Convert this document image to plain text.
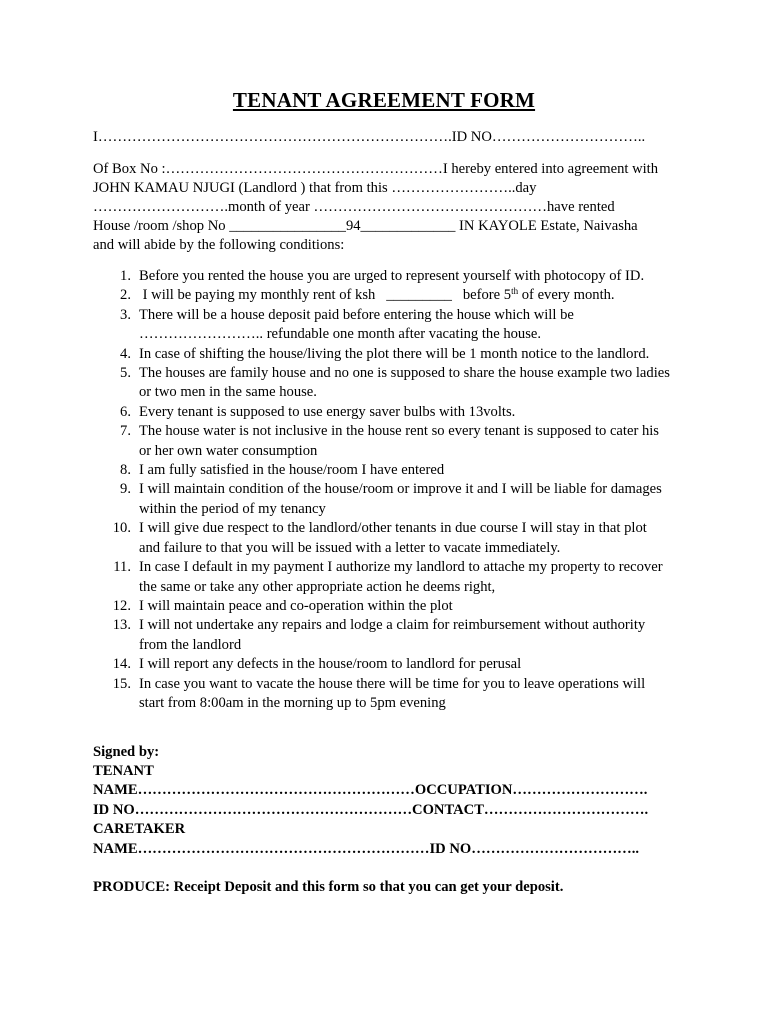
TENANT AGREEMENT FORM

I……………………………………………………………….ID NO…………………………..

Of Box No :…………………………………………………I hereby entered into agreement with

JOHN KAMAU NJUGI (Landlord ) that from this ……………………..day

……………………….month of year …………………………………………have rented

House /room /shop No ________________94_____________ IN KAYOLE Estate, Naivasha

and will abide by the following conditions:

1. Before you rented the house you are urged to represent yourself with photocopy of ID.
2. I will be paying my monthly rent of ksh   _________   before 5th of every month.
3. There will be a house deposit paid before entering the house which will be
…………………….. refundable one month after vacating the house.
4. In case of shifting the house/living the plot there will be 1 month notice to the landlord.
5. The houses are family house and no one is supposed to share the house example two ladies
or two men in the same house.
6. Every tenant is supposed to use energy saver bulbs with 13volts.
7. The house water is not inclusive in the house rent so every tenant is supposed to cater his
or her own water consumption
8. I am fully satisfied in the house/room I have entered
9. I will maintain condition of the house/room or improve it and I will be liable for damages
within the period of my tenancy
10. I will give due respect to the landlord/other tenants in due course I will stay in that plot
and failure to that you will be issued with a letter to vacate immediately.
11. In case I default in my payment I authorize my landlord to attache my property to recover
the same or take any other appropriate action he deems right,
12. I will maintain peace and co-operation within the plot
13. I will not undertake any repairs and lodge a claim for reimbursement without authority
from the landlord
14. I will report any defects in the house/room to landlord for perusal
15. In case you want to vacate the house there will be time for you to leave operations will
start from 8:00am in the morning up to 5pm evening

Signed by:

TENANT

NAME…………………………………………………OCCUPATION……………………….

ID NO…………………………………………………CONTACT…………………………….

CARETAKER

NAME……………………………………………………ID NO……………………………..

PRODUCE: Receipt Deposit and this form so that you can get your deposit.
